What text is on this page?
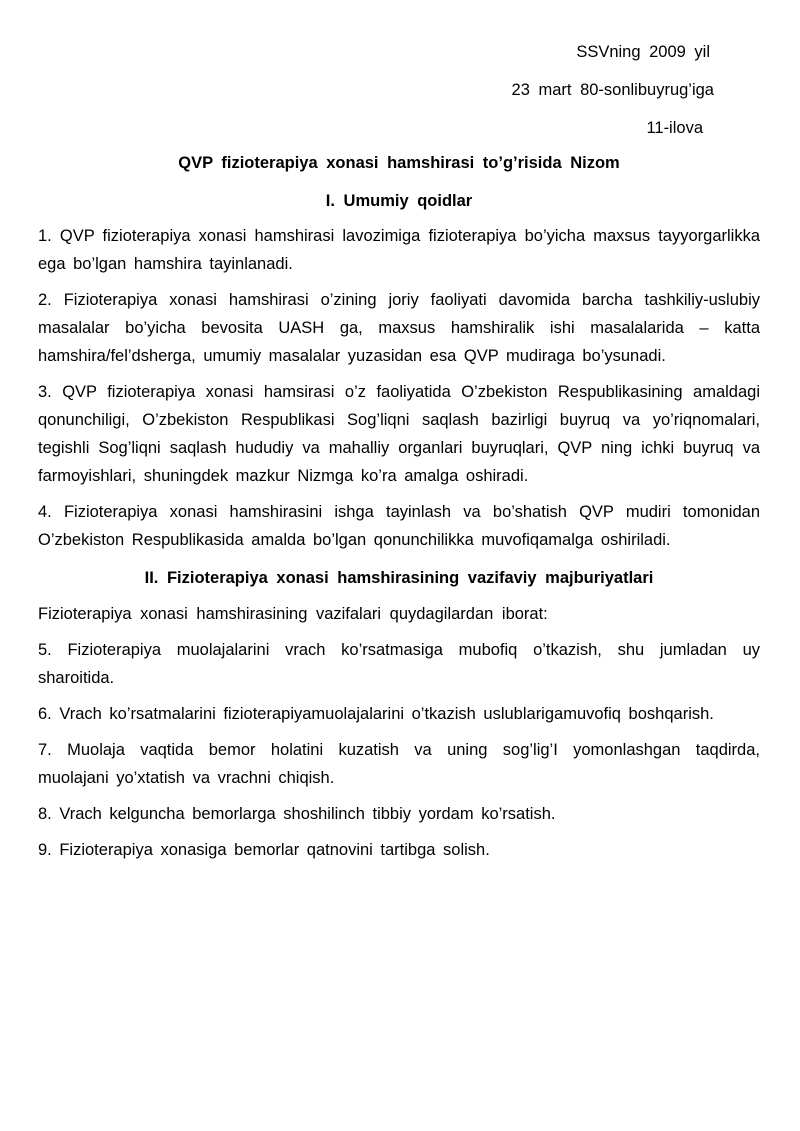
SSVning 2009 yil

23 mart 80-sonlibuyrug’iga

11-ilova

QVP fizioterapiya xonasi hamshirasi to’g’risida Nizom

I. Umumiy qoidlar

1. QVP fizioterapiya xonasi hamshirasi lavozimiga fizioterapiya bo’yicha maxsus tayyorgarlikka ega bo’lgan hamshira tayinlanadi.

2. Fizioterapiya xonasi hamshirasi o’zining joriy faoliyati davomida barcha tashkiliy-uslubiy masalalar bo’yicha bevosita UASH ga, maxsus hamshiralik ishi masalalarida – katta hamshira/fel’dsherga, umumiy masalalar yuzasidan esa QVP mudiraga bo’ysunadi.

3. QVP fizioterapiya xonasi hamsirasi o’z faoliyatida O’zbekiston Respublikasining amaldagi qonunchiligi, O’zbekiston Respublikasi Sog’liqni saqlash bazirligi buyruq va yo’riqnomalari, tegishli Sog’liqni saqlash hududiy va mahalliy organlari buyruqlari, QVP ning ichki buyruq va farmoyishlari, shuningdek mazkur Nizmga ko’ra amalga oshiradi.

4. Fizioterapiya xonasi hamshirasini ishga tayinlash va bo’shatish QVP mudiri tomonidan O’zbekiston Respublikasida amalda bo’lgan qonunchilikka muvofiqamalga oshiriladi.

II. Fizioterapiya xonasi hamshirasining vazifaviy majburiyatlari

Fizioterapiya xonasi hamshirasining vazifalari quydagilardan iborat:

5. Fizioterapiya muolajalarini vrach ko’rsatmasiga mubofiq o’tkazish, shu jumladan uy sharoitida.

6. Vrach ko’rsatmalarini fizioterapiyamuolajalarini o’tkazish uslublarigamuvofiq boshqarish.

7. Muolaja vaqtida bemor holatini kuzatish va uning sog’lig’I yomonlashgan taqdirda, muolajani yo’xtatish va vrachni chiqish.

8. Vrach kelguncha bemorlarga shoshilinch tibbiy yordam ko’rsatish.

9. Fizioterapiya xonasiga bemorlar qatnovini tartibga solish.
